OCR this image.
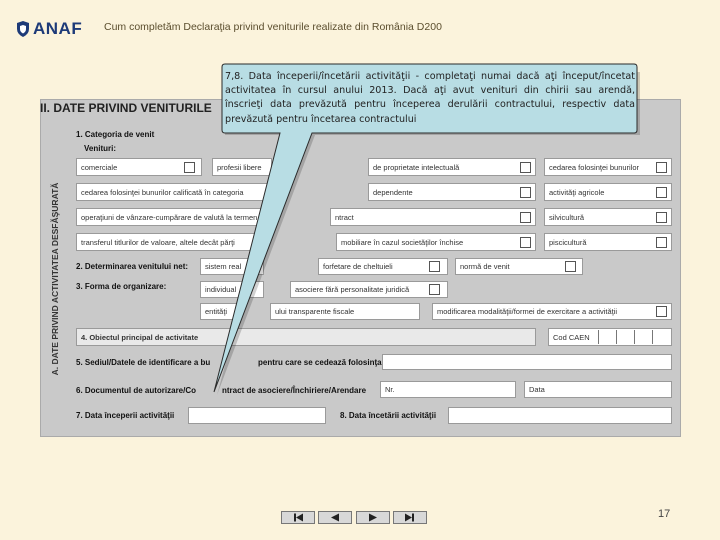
ANAF Cum completăm Declaraţia privind veniturile realizate din România D200
II. DATE PRIVIND VENITURILE
A. DATE PRIVIND ACTIVITATEA DESFĂŞURATĂ
1. Categoria de venit
Venituri:
comerciale	profesii libere	de proprietate intelectuală	cedarea folosinţei bunurilor
cedarea folosinţei bunurilor calificată în categoria	dependente	activităţi agricole
operaţiuni de vânzare-cumpărare de valută la termen	ntract	silvicultură
transferul titlurilor de valoare, altele decât părţi	mobiliare în cazul societăţilor închise	piscicultură
2. Determinarea venitului net: sistem real	forfetare de cheltuieli	normă de venit
3. Forma de organizare:	individual	asociere fără personalitate juridică
entităţi	ului transparente fiscale	modificarea modalităţii/formei de exercitare a activităţii
4. Obiectul principal de activitate	Cod CAEN
5. Sediul/Datele de identificare a bu	pentru care se cedează folosinţa
6. Documentul de autorizare/Co	ntract de asociere/Închiriere/Arendare	Nr.	Data
7. Data începerii activităţii	8. Data încetării activităţii
7,8. Data începerii/încetării activităţii - completaţi numai dacă aţi început/încetat activitatea în cursul anului 2013. Dacă aţi avut venituri din chirii sau arendă, înscrieţi data prevăzută pentru începerea derulării contractului, respectiv data prevăzută pentru încetarea contractului
17
